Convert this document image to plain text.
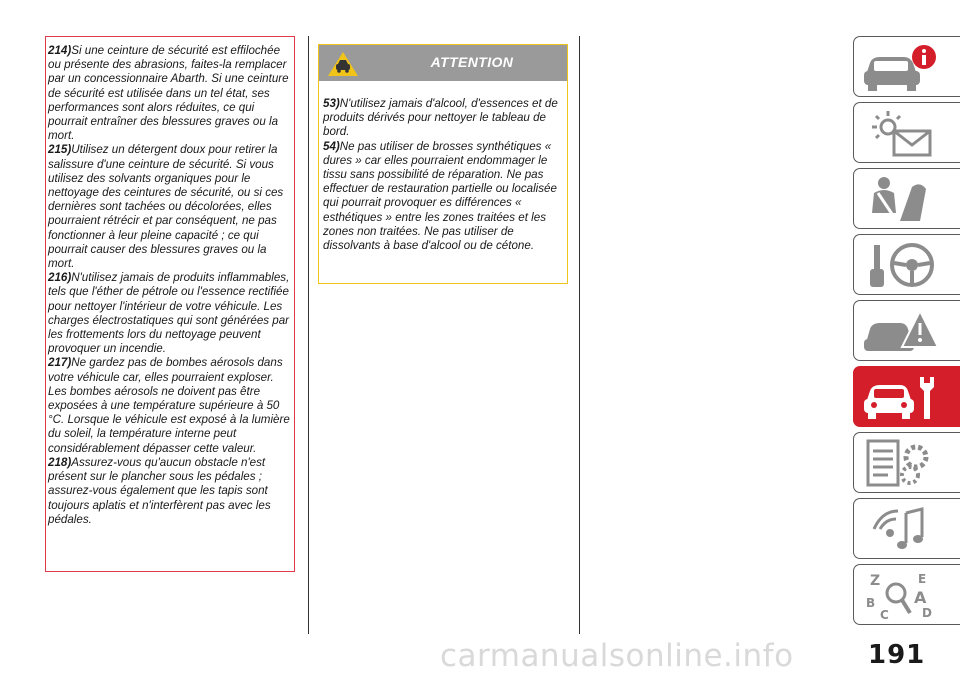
214)Si une ceinture de sécurité est effilochée ou présente des abrasions, faites-la remplacer par un concessionnaire Abarth. Si une ceinture de sécurité est utilisée dans un tel état, ses performances sont alors réduites, ce qui pourrait entraîner des blessures graves ou la mort.

215)Utilisez un détergent doux pour retirer la salissure d'une ceinture de sécurité. Si vous utilisez des solvants organiques pour le nettoyage des ceintures de sécurité, ou si ces dernières sont tachées ou décolorées, elles pourraient rétrécir et par conséquent, ne pas fonctionner à leur pleine capacité ; ce qui pourrait causer des blessures graves ou la mort.

216)N'utilisez jamais de produits inflammables, tels que l'éther de pétrole ou l'essence rectifiée pour nettoyer l'intérieur de votre véhicule. Les charges électrostatiques qui sont générées par les frottements lors du nettoyage peuvent provoquer un incendie.

217)Ne gardez pas de bombes aérosols dans votre véhicule car, elles pourraient exploser. Les bombes aérosols ne doivent pas être exposées à une température supérieure à 50 °C. Lorsque le véhicule est exposé à la lumière du soleil, la température interne peut considérablement dépasser cette valeur.

218)Assurez-vous qu'aucun obstacle n'est présent sur le plancher sous les pédales ; assurez-vous également que les tapis sont toujours aplatis et n'interfèrent pas avec les pédales.

ATTENTION

53)N'utilisez jamais d'alcool, d'essences et de produits dérivés pour nettoyer le tableau de bord.

54)Ne pas utiliser de brosses synthétiques « dures » car elles pourraient endommager le tissu sans possibilité de réparation. Ne pas effectuer de restauration partielle ou localisée qui pourrait provoquer es différences « esthétiques » entre les zones traitées et les zones non traitées. Ne pas utiliser de dissolvants à base d'alcool ou de cétone.

Z	E
B A
C	D
191
carmanualsonline.info
